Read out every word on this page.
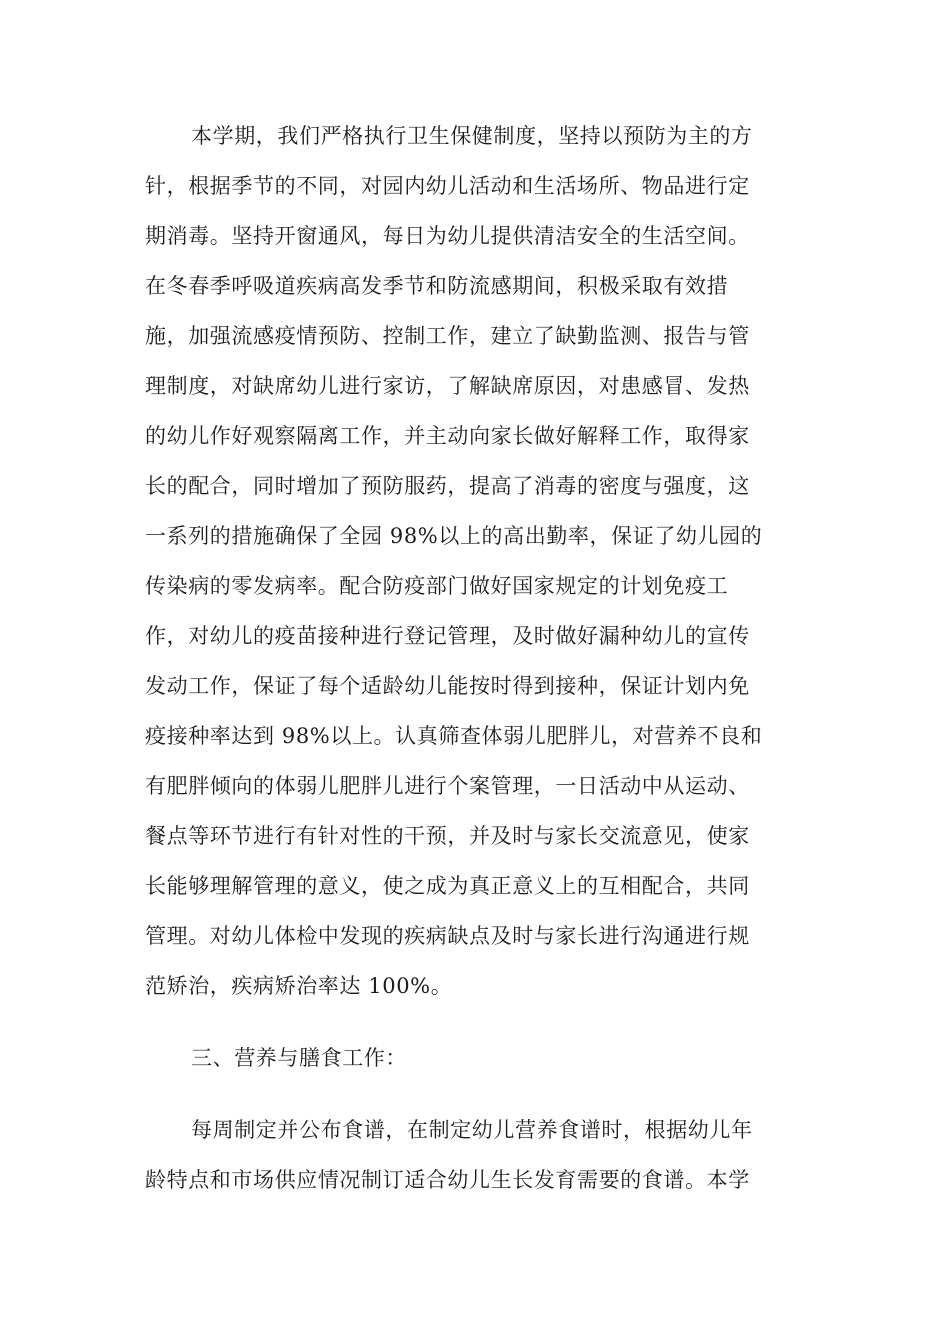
本学期，我们严格执行卫生保健制度，坚持以预防为主的方
针，根据季节的不同，对园内幼儿活动和生活场所、物品进行定
期消毒。坚持开窗通风，每日为幼儿提供清洁安全的生活空间。
在冬春季呼吸道疾病高发季节和防流感期间，积极采取有效措
施，加强流感疫情预防、控制工作，建立了缺勤监测、报告与管
理制度，对缺席幼儿进行家访，了解缺席原因，对患感冒、发热
的幼儿作好观察隔离工作，并主动向家长做好解释工作，取得家
长的配合，同时增加了预防服药，提高了消毒的密度与强度，这
一系列的措施确保了全园 98%以上的高出勤率，保证了幼儿园的
传染病的零发病率。配合防疫部门做好国家规定的计划免疫工
作，对幼儿的疫苗接种进行登记管理，及时做好漏种幼儿的宣传
发动工作，保证了每个适龄幼儿能按时得到接种，保证计划内免
疫接种率达到 98%以上。认真筛查体弱儿肥胖儿，对营养不良和
有肥胖倾向的体弱儿肥胖儿进行个案管理，一日活动中从运动、
餐点等环节进行有针对性的干预，并及时与家长交流意见，使家
长能够理解管理的意义，使之成为真正意义上的互相配合，共同
管理。对幼儿体检中发现的疾病缺点及时与家长进行沟通进行规
范矫治，疾病矫治率达 100%。
三、营养与膳食工作：
每周制定并公布食谱，在制定幼儿营养食谱时，根据幼儿年
龄特点和市场供应情况制订适合幼儿生长发育需要的食谱。本学
